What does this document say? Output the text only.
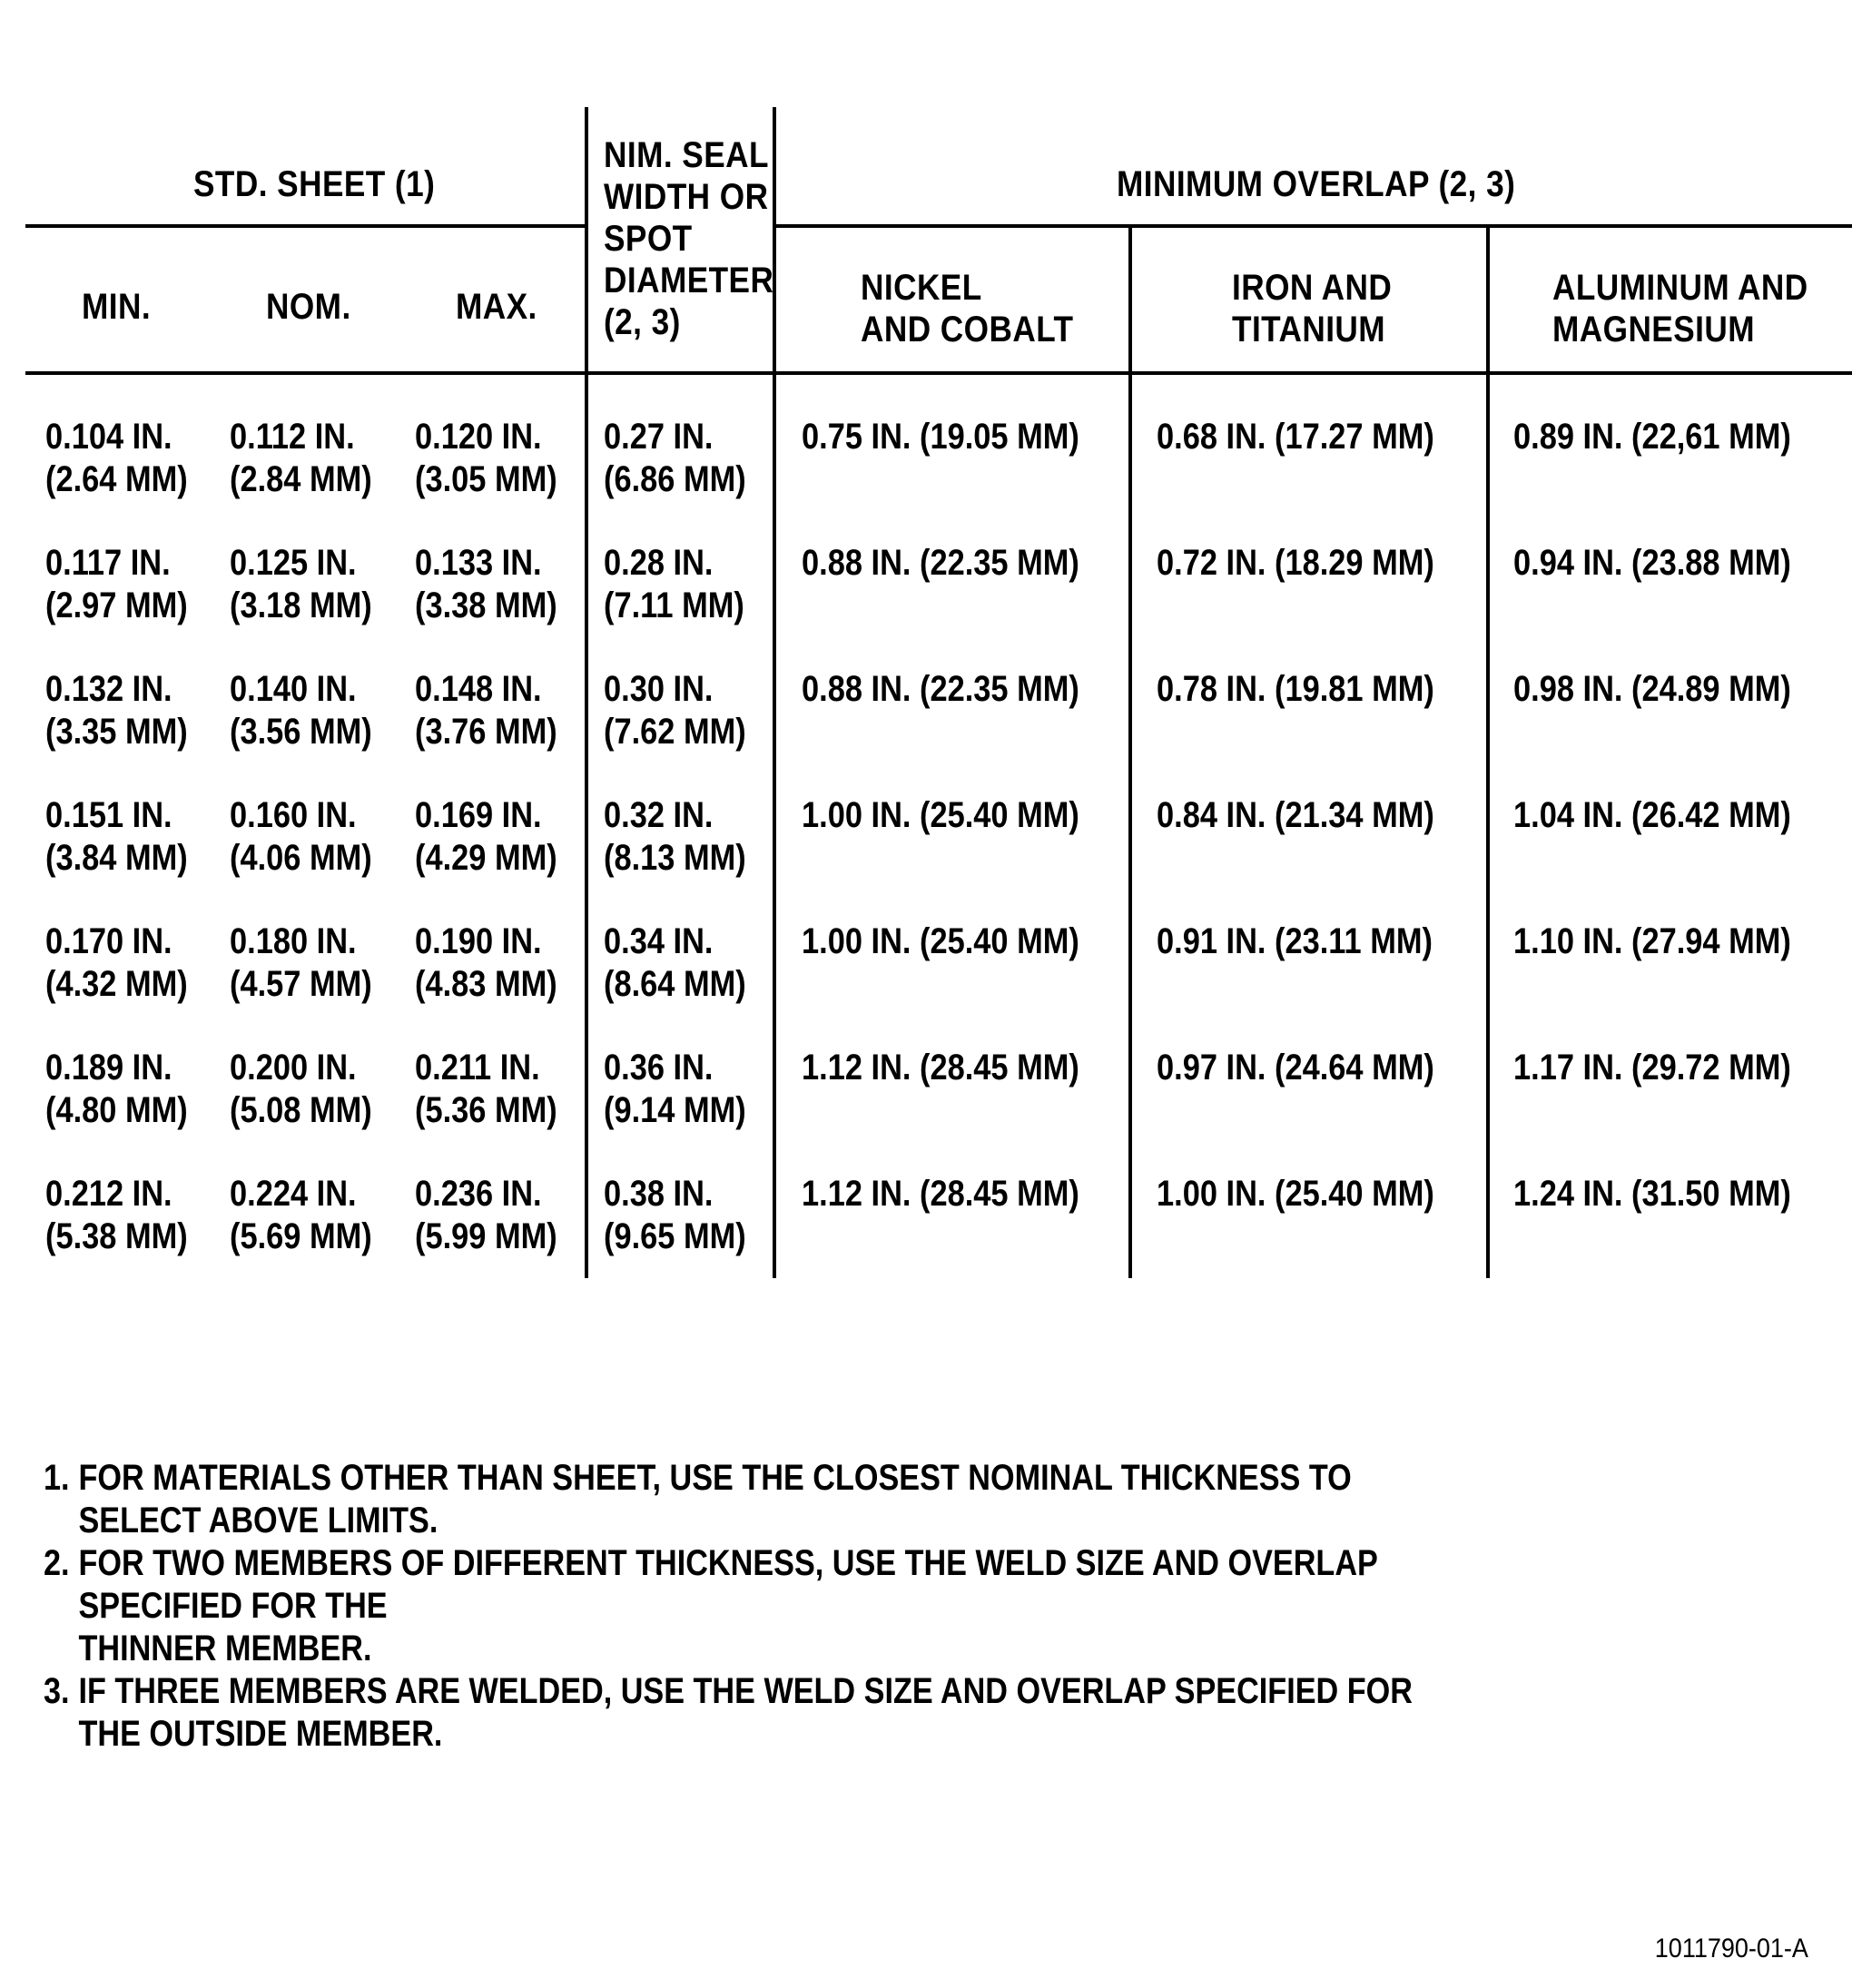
STD. SHEET (1)
MIN.	NOM.	MAX.
NIM. SEAL
WIDTH OR
SPOT
DIAMETER
(2, 3)
MINIMUM OVERLAP (2, 3)
NICKEL
AND COBALT
IRON AND
TITANIUM
ALUMINUM AND
MAGNESIUM
0.104 IN.
(2.64 MM)
0.112 IN.
(2.84 MM)
0.120 IN.
(3.05 MM)
0.27 IN.
(6.86 MM)
0.75 IN. (19.05 MM) 0.68 IN. (17.27 MM) 0.89 IN. (22,61 MM)
0.117 IN.
(2.97 MM)
0.125 IN.
(3.18 MM)
0.133 IN.
(3.38 MM)
0.28 IN.
(7.11 MM)
0.88 IN. (22.35 MM) 0.72 IN. (18.29 MM) 0.94 IN. (23.88 MM)
0.132 IN.
(3.35 MM)
0.140 IN.
(3.56 MM)
0.148 IN.
(3.76 MM)
0.30 IN.
(7.62 MM)
0.88 IN. (22.35 MM) 0.78 IN. (19.81 MM) 0.98 IN. (24.89 MM)
0.151 IN.
(3.84 MM)
0.160 IN.
(4.06 MM)
0.169 IN.
(4.29 MM)
0.32 IN.
(8.13 MM)
1.00 IN. (25.40 MM) 0.84 IN. (21.34 MM) 1.04 IN. (26.42 MM)
0.170 IN.
(4.32 MM)
0.180 IN.
(4.57 MM)
0.190 IN.
(4.83 MM)
0.34 IN.
(8.64 MM)
1.00 IN. (25.40 MM) 0.91 IN. (23.11 MM) 1.10 IN. (27.94 MM)
0.189 IN.
(4.80 MM)
0.200 IN.
(5.08 MM)
0.211 IN.
(5.36 MM)
0.36 IN.
(9.14 MM)
1.12 IN. (28.45 MM) 0.97 IN. (24.64 MM) 1.17 IN. (29.72 MM)
0.212 IN.
(5.38 MM)
0.224 IN.
(5.69 MM)
0.236 IN.
(5.99 MM)
0.38 IN.
(9.65 MM)
1.12 IN. (28.45 MM) 1.00 IN. (25.40 MM) 1.24 IN. (31.50 MM)
1. FOR MATERIALS OTHER THAN SHEET, USE THE CLOSEST NOMINAL THICKNESS TO SELECT ABOVE LIMITS.
2. FOR TWO MEMBERS OF DIFFERENT THICKNESS, USE THE WELD SIZE AND OVERLAP SPECIFIED FOR THE
THINNER MEMBER.
3. IF THREE MEMBERS ARE WELDED, USE THE WELD SIZE AND OVERLAP SPECIFIED FOR THE OUTSIDE MEMBER.
1011790-01-A
